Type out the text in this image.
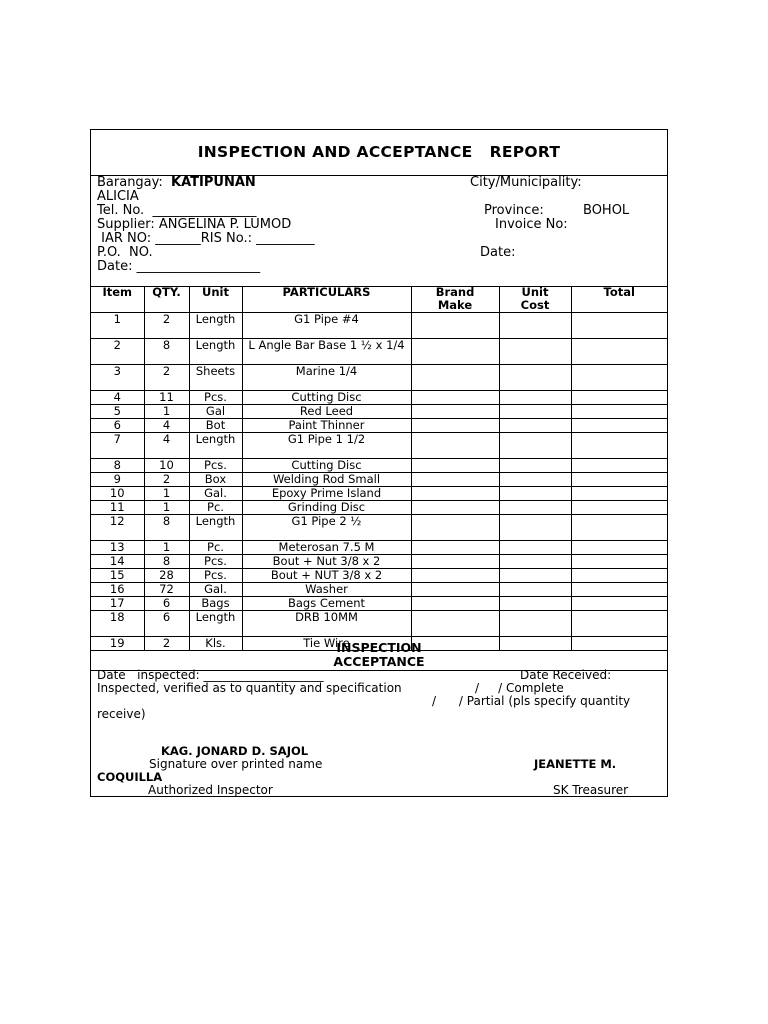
INSPECTION AND ACCEPTANCE   REPORT
Barangay: KATIPUNAN	City/Municipality:
ALICIA
Tel. No.  ________________	Province:	BOHOL
Supplier: ANGELINA P. LUMOD	Invoice No:
IAR NO: _______RIS No.: _________
P.O.  NO.	Date:
Date: ___________________
Item	QTY.	Unit	PARTICULARS	Brand Make	Unit Cost	Total
1	2	Length	G1 Pipe #4			
2	8	Length	L Angle Bar Base 1 ½ x 1/4			
3	2	Sheets	Marine 1/4			
4	11	Pcs.	Cutting Disc			
5	1	Gal	Red Leed			
6	4	Bot	Paint Thinner			
7	4	Length	G1 Pipe 1 1/2			
8	10	Pcs.	Cutting Disc			
9	2	Box	Welding Rod Small			
10	1	Gal.	Epoxy Prime Island			
11	1	Pc.	Grinding Disc			
12	8	Length	G1 Pipe 2 ½			
13	1	Pc.	Meterosan 7.5 M			
14	8	Pcs.	Bout + Nut 3/8 x 2			
15	28	Pcs.	Bout + NUT 3/8 x 2			
16	72	Gal.	Washer			
17	6	Bags	Bags Cement			
18	6	Length	DRB 10MM			
19	2	Kls.	Tie Wire			
INSPECTION
ACCEPTANCE
Date   inspected: ____________________	Date Received:
Inspected, verified as to quantity and specification	/     / Complete
/      / Partial (pls specify quantity
receive)
KAG. JONARD D. SAJOL
Signature over printed name	JEANETTE M.
COQUILLA
Authorized Inspector	SK Treasurer
